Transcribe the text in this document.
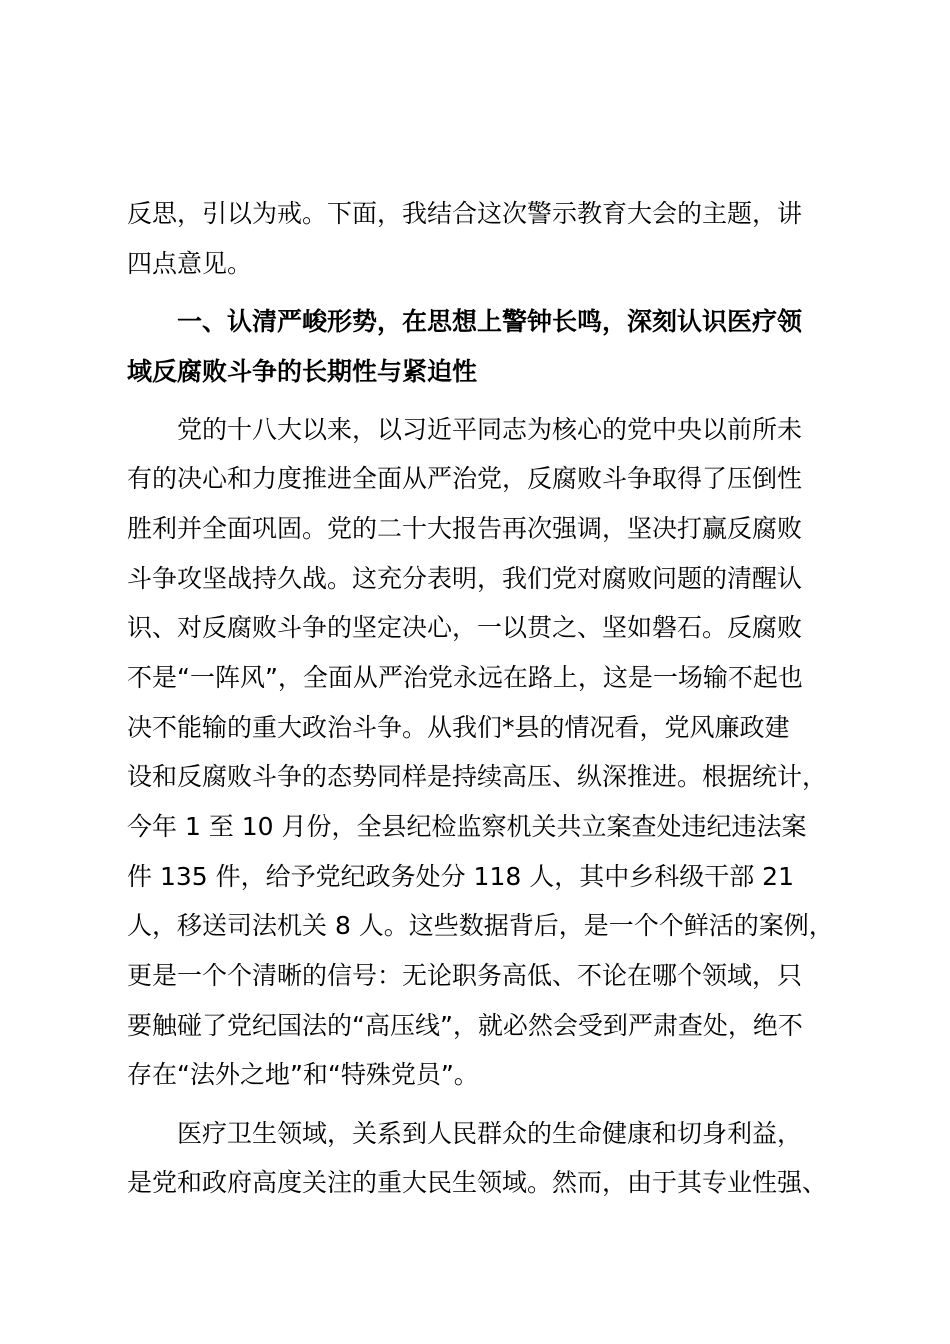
反思，引以为戒。下面，我结合这次警示教育大会的主题，讲
四点意见。
一、认清严峻形势，在思想上警钟长鸣，深刻认识医疗领
域反腐败斗争的长期性与紧迫性
党的十八大以来，以习近平同志为核心的党中央以前所未
有的决心和力度推进全面从严治党，反腐败斗争取得了压倒性
胜利并全面巩固。党的二十大报告再次强调，坚决打赢反腐败
斗争攻坚战持久战。这充分表明，我们党对腐败问题的清醒认
识、对反腐败斗争的坚定决心，一以贯之、坚如磐石。反腐败
不是“一阵风”，全面从严治党永远在路上，这是一场输不起也
决不能输的重大政治斗争。从我们*县的情况看，党风廉政建
设和反腐败斗争的态势同样是持续高压、纵深推进。根据统计，
今年 1 至 10 月份，全县纪检监察机关共立案查处违纪违法案
件 135 件，给予党纪政务处分 118 人，其中乡科级干部 21
人，移送司法机关 8 人。这些数据背后，是一个个鲜活的案例，
更是一个个清晰的信号：无论职务高低、不论在哪个领域，只
要触碰了党纪国法的“高压线”，就必然会受到严肃查处，绝不
存在“法外之地”和“特殊党员”。
医疗卫生领域，关系到人民群众的生命健康和切身利益，
是党和政府高度关注的重大民生领域。然而，由于其专业性强、
